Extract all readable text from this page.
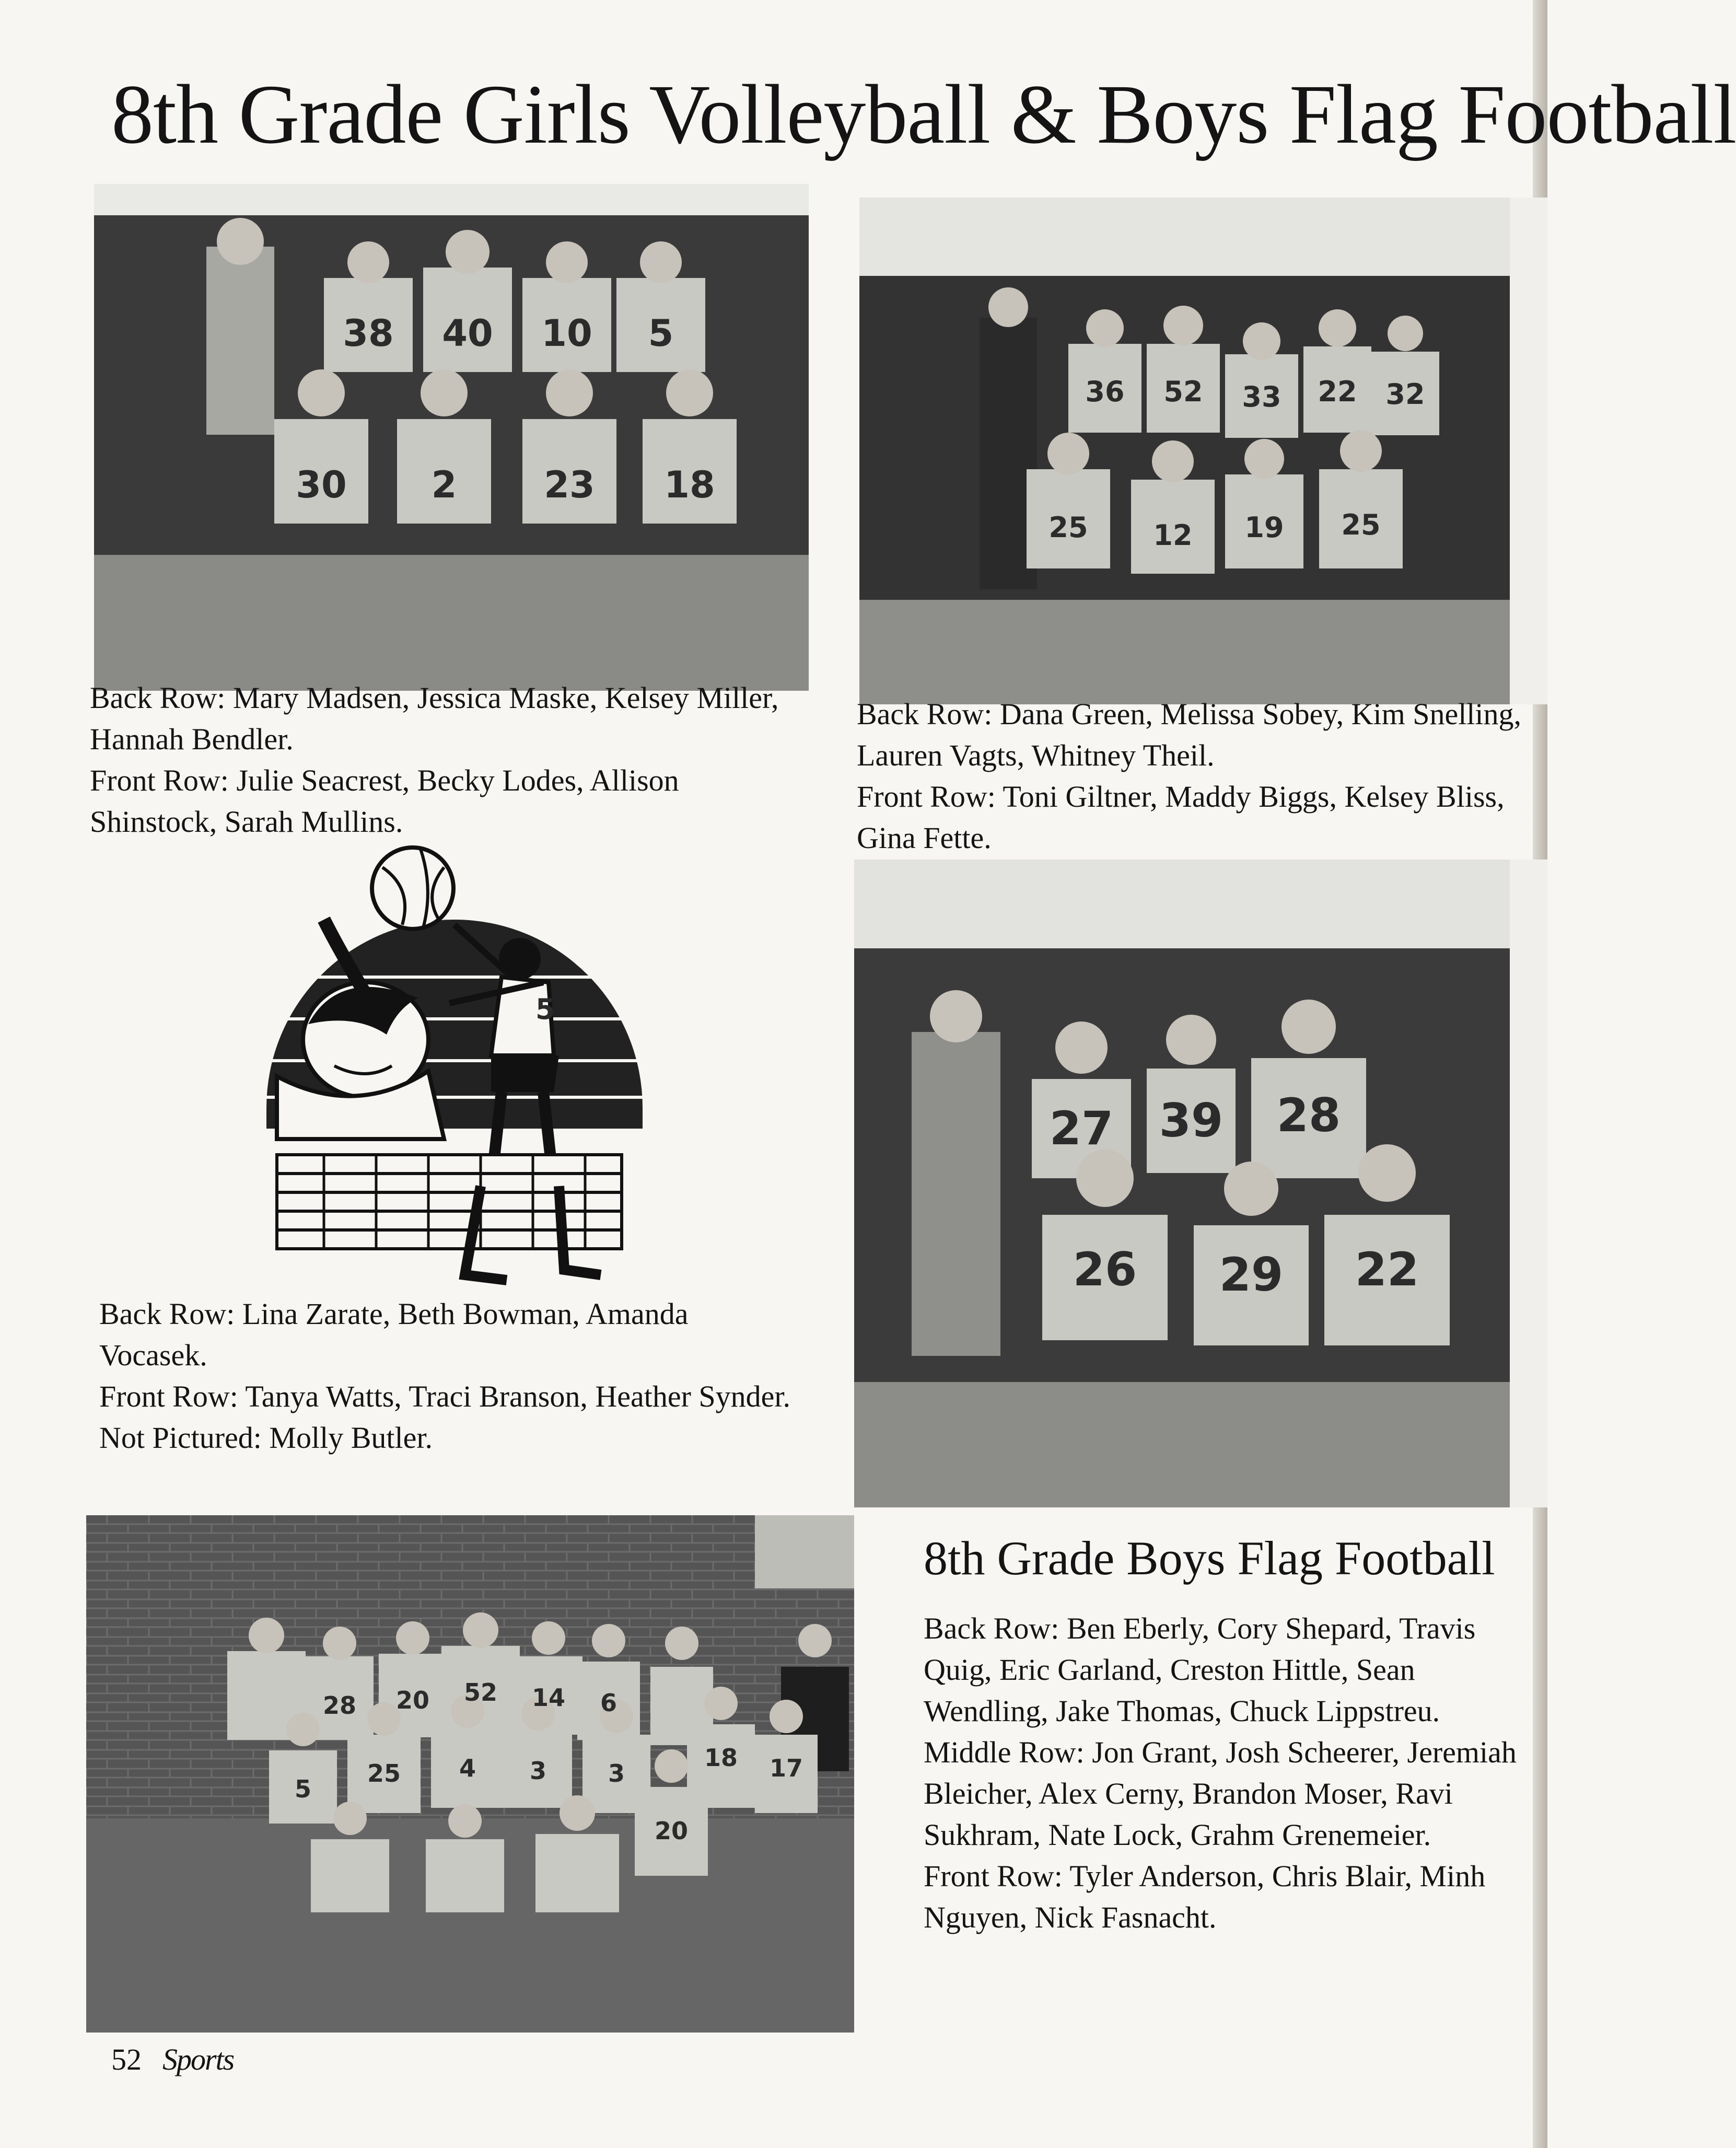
8th Grade Girls Volleyball & Boys Flag Football
38 40 10 5
30 2 23 18
36 52 33 22 32
25 12 19 25

Back Row: Mary Madsen, Jessica Maske, Kelsey Miller, Hannah Bendler.

Front Row: Julie Seacrest, Becky Lodes, Allison Shinstock, Sarah Mullins.

Back Row: Dana Green, Melissa Sobey, Kim Snelling, Lauren Vagts, Whitney Theil.

Front Row: Toni Giltner, Maddy Biggs, Kelsey Bliss, Gina Fette.

5

Back Row: Lina Zarate, Beth Bowman, Amanda Vocasek.

Front Row: Tanya Watts, Traci Branson, Heather Synder.

Not Pictured: Molly Butler.

27 39 28
26 29 22
28 20 52 14 6
18 17
5
25 4	3
20
3
8th Grade Boys Flag Football

Back Row: Ben Eberly, Cory Shepard, Travis Quig, Eric Garland, Creston Hittle, Sean Wendling, Jake Thomas, Chuck Lippstreu.

Middle Row: Jon Grant, Josh Scheerer, Jeremiah Bleicher, Alex Cerny, Brandon Moser, Ravi Sukhram, Nate Lock, Grahm Grenemeier.

Front Row: Tyler Anderson, Chris Blair, Minh Nguyen, Nick Fasnacht.

52 Sports
